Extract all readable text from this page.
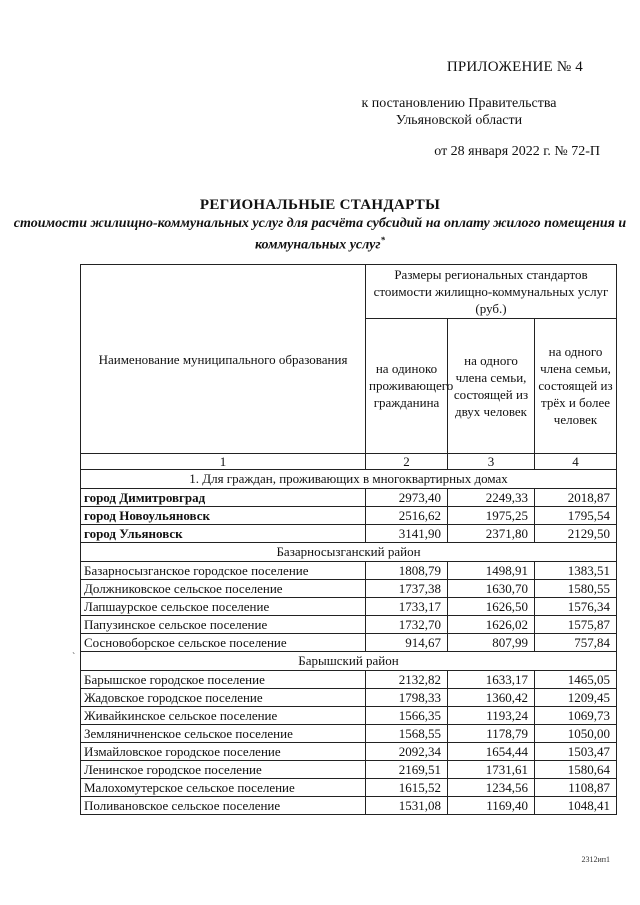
ПРИЛОЖЕНИЕ № 4
к постановлению Правительства Ульяновской области
от 28 января 2022 г. № 72-П
РЕГИОНАЛЬНЫЕ СТАНДАРТЫ
стоимости жилищно-коммунальных услуг для расчёта субсидий на оплату жилого помещения и коммунальных услуг*
Наименование муниципального образования	Размеры региональных стандартов стоимости жилищно-коммунальных услуг (руб.)		
	на одиноко проживающего гражданина	на одного члена семьи, состоящей из двух человек	на одного члена семьи, состоящей из трёх и более человек
1	2	3	4
1. Для граждан, проживающих в многоквартирных домах			
город Димитровград	2973,40	2249,33	2018,87
город Новоульяновск	2516,62	1975,25	1795,54
город Ульяновск	3141,90	2371,80	2129,50
Базарносызганский район			
Базарносызганское городское поселение	1808,79	1498,91	1383,51
Должниковское сельское поселение	1737,38	1630,70	1580,55
Лапшаурское сельское поселение	1733,17	1626,50	1576,34
Папузинское сельское поселение	1732,70	1626,02	1575,87
Сосновоборское сельское поселение	914,67	807,99	757,84
Барышский район			
Барышское городское поселение	2132,82	1633,17	1465,05
Жадовское городское поселение	1798,33	1360,42	1209,45
Живайкинское сельское поселение	1566,35	1193,24	1069,73
Земляничненское сельское поселение	1568,55	1178,79	1050,00
Измайловское городское поселение	2092,34	1654,44	1503,47
Ленинское городское поселение	2169,51	1731,61	1580,64
Малохомутерское сельское поселение	1615,52	1234,56	1108,87
Поливановское сельское поселение	1531,08	1169,40	1048,41
`
2312ип1
